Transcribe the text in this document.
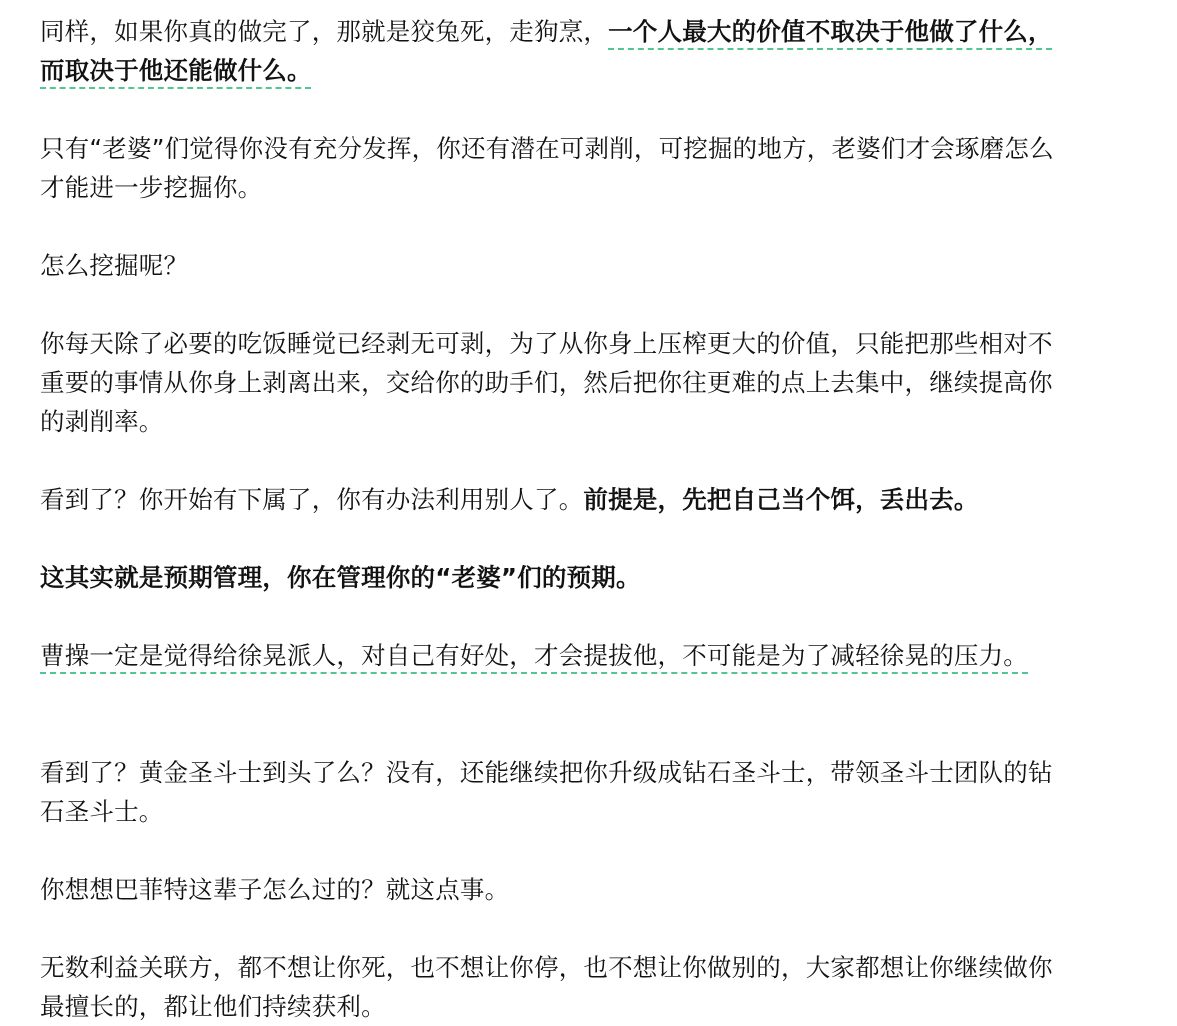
同样，如果你真的做完了，那就是狡兔死，走狗烹，一个人最大的价值不取决于他做了什么，而取决于他还能做什么。

只有“老婆”们觉得你没有充分发挥，你还有潜在可剥削，可挖掘的地方，老婆们才会琢磨怎么才能进一步挖掘你。

怎么挖掘呢？

你每天除了必要的吃饭睡觉已经剥无可剥，为了从你身上压榨更大的价值，只能把那些相对不重要的事情从你身上剥离出来，交给你的助手们，然后把你往更难的点上去集中，继续提高你的剥削率。

看到了？你开始有下属了，你有办法利用别人了。前提是，先把自己当个饵，丢出去。

这其实就是预期管理，你在管理你的“老婆”们的预期。

曹操一定是觉得给徐晃派人，对自己有好处，才会提拔他，不可能是为了减轻徐晃的压力。

看到了？黄金圣斗士到头了么？没有，还能继续把你升级成钻石圣斗士，带领圣斗士团队的钻石圣斗士。

你想想巴菲特这辈子怎么过的？就这点事。

无数利益关联方，都不想让你死，也不想让你停，也不想让你做别的，大家都想让你继续做你最擅长的，都让他们持续获利。
